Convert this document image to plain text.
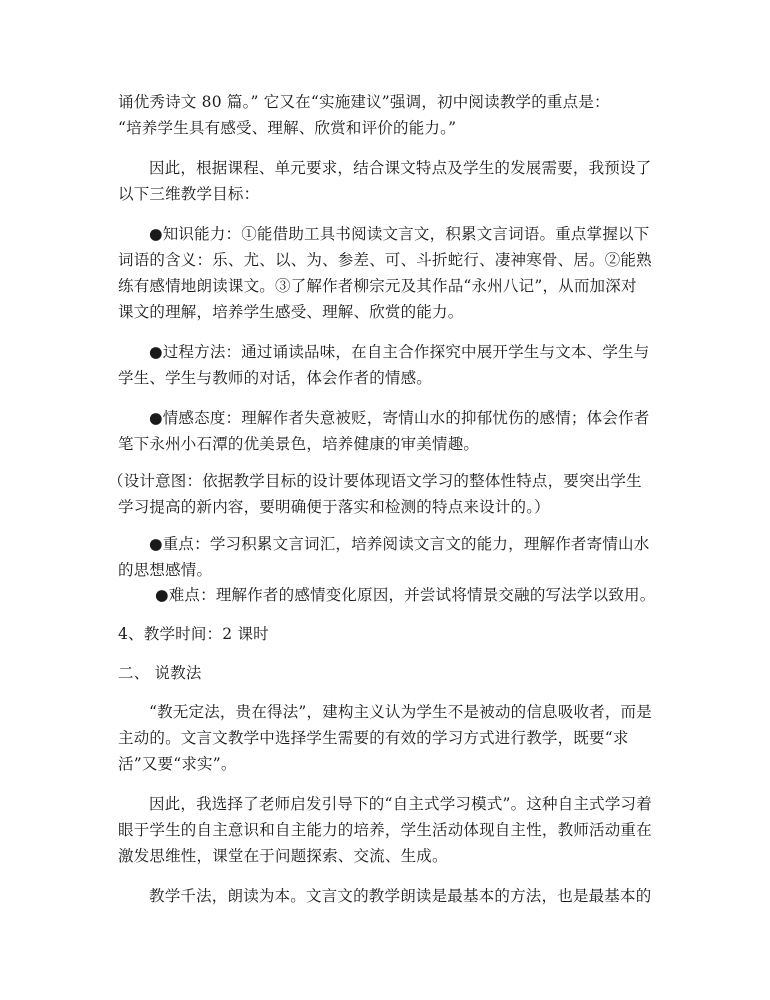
诵优秀诗文 80 篇。” 它又在“实施建议”强调，初中阅读教学的重点是：
“培养学生具有感受、理解、欣赏和评价的能力。”
因此，根据课程、单元要求，结合课文特点及学生的发展需要，我预设了
以下三维教学目标：
●知识能力：①能借助工具书阅读文言文，积累文言词语。重点掌握以下
词语的含义：乐、尤、以、为、参差、可、斗折蛇行、凄神寒骨、居。②能熟
练有感情地朗读课文。③了解作者柳宗元及其作品“永州八记”，从而加深对
课文的理解，培养学生感受、理解、欣赏的能力。
●过程方法：通过诵读品味，在自主合作探究中展开学生与文本、学生与
学生、学生与教师的对话，体会作者的情感。
●情感态度：理解作者失意被贬，寄情山水的抑郁忧伤的感情；体会作者
笔下永州小石潭的优美景色，培养健康的审美情趣。
（设计意图：依据教学目标的设计要体现语文学习的整体性特点，要突出学生
学习提高的新内容，要明确便于落实和检测的特点来设计的。）
●重点：学习积累文言词汇，培养阅读文言文的能力，理解作者寄情山水
的思想感情。
●难点：理解作者的感情变化原因，并尝试将情景交融的写法学以致用。
4、教学时间：2 课时
二、 说教法
“教无定法，贵在得法”，建构主义认为学生不是被动的信息吸收者，而是
主动的。文言文教学中选择学生需要的有效的学习方式进行教学，既要“求
活”又要“求实”。
因此，我选择了老师启发引导下的“自主式学习模式”。这种自主式学习着
眼于学生的自主意识和自主能力的培养，学生活动体现自主性，教师活动重在
激发思维性，课堂在于问题探索、交流、生成。
教学千法，朗读为本。文言文的教学朗读是最基本的方法，也是最基本的
